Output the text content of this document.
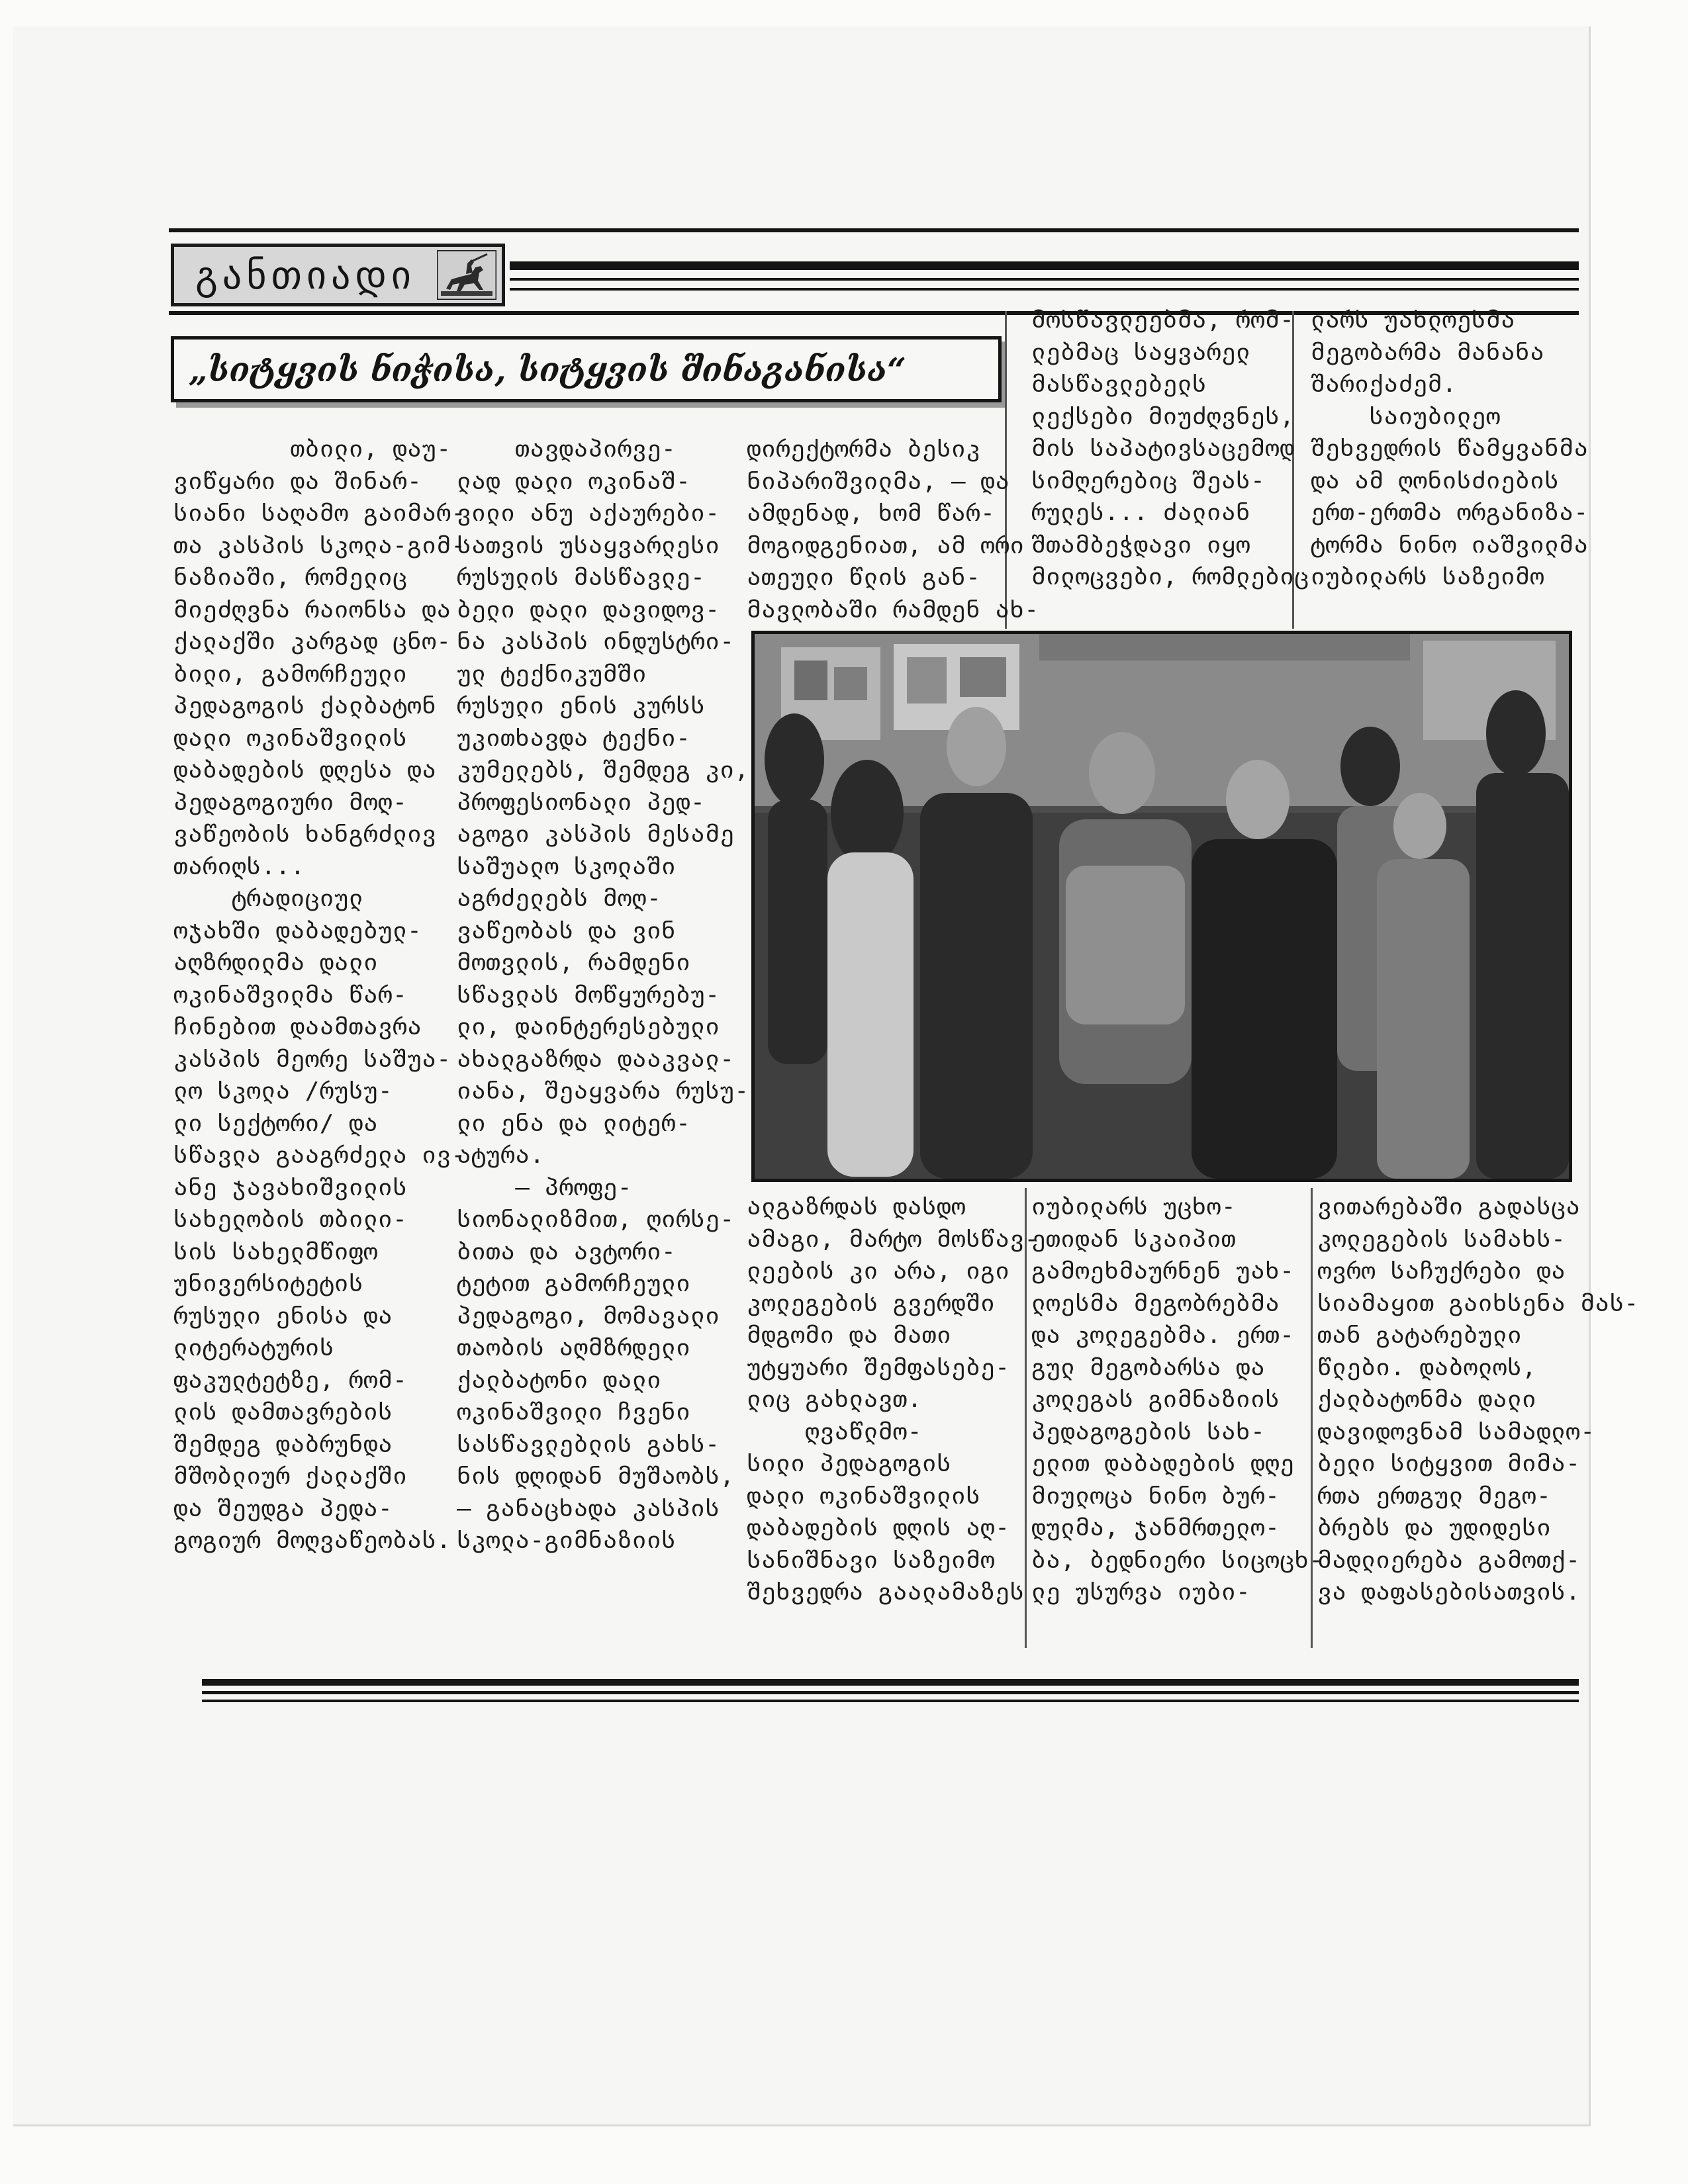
განთიადი
„სიტყვის ნიჭისა, სიტყვის შინაგანისა“
თბილი, დაუ-
ვიწყარი და შინარ-
სიანი საღამო გაიმარ-
თა კასპის სკოლა-გიმ-
ნაზიაში, რომელიც
მიეძღვნა რაიონსა და
ქალაქში კარგად ცნო-
ბილი, გამორჩეული
პედაგოგის ქალბატონ
დალი ოკინაშვილის
დაბადების დღესა და
პედაგოგიური მოღ-
ვაწეობის ხანგრძლივ
თარიღს...
ტრადიციულ
ოჯახში დაბადებულ-
აღზრდილმა დალი
ოკინაშვილმა წარ-
ჩინებით დაამთავრა
კასპის მეორე საშუა-
ლო სკოლა /რუსუ-
ლი სექტორი/ და
სწავლა გააგრძელა ივ-
ანე ჯავახიშვილის
სახელობის თბილი-
სის სახელმწიფო
უნივერსიტეტის
რუსული ენისა და
ლიტერატურის
ფაკულტეტზე, რომ-
ლის დამთავრების
შემდეგ დაბრუნდა
მშობლიურ ქალაქში
და შეუდგა პედა-
გოგიურ მოღვაწეობას.
თავდაპირვე-
ლად დალი ოკინაშ-
ვილი ანუ აქაურები-
სათვის უსაყვარლესი
რუსულის მასწავლე-
ბელი დალი დავიდოვ-
ნა კასპის ინდუსტრი-
ულ ტექნიკუმში
რუსული ენის კურსს
უკითხავდა ტექნი-
კუმელებს, შემდეგ კი,
პროფესიონალი პედ-
აგოგი კასპის მესამე
საშუალო სკოლაში
აგრძელებს მოღ-
ვაწეობას და ვინ
მოთვლის, რამდენი
სწავლას მოწყურებუ-
ლი, დაინტერესებული
ახალგაზრდა დააკვალ-
იანა, შეაყვარა რუსუ-
ლი ენა და ლიტერ-
ატურა.
— პროფე-
სიონალიზმით, ღირსე-
ბითა და ავტორი-
ტეტით გამორჩეული
პედაგოგი, მომავალი
თაობის აღმზრდელი
ქალბატონი დალი
ოკინაშვილი ჩვენი
სასწავლებლის გახს-
ნის დღიდან მუშაობს,
— განაცხადა კასპის
სკოლა-გიმნაზიის
დირექტორმა ბესიკ
ნიპარიშვილმა, — და
ამდენად, ხომ წარ-
მოგიდგენიათ, ამ ორი
ათეული წლის გან-
მავლობაში რამდენ ახ-
ალგაზრდას დასდო
ამაგი, მარტო მოსწავ-
ლეების კი არა, იგი
კოლეგების გვერდში
მდგომი და მათი
უტყუარი შემფასებე-
ლიც გახლავთ.
ღვაწლმო-
სილი პედაგოგის
დალი ოკინაშვილის
დაბადების დღის აღ-
სანიშნავი საზეიმო
შეხვედრა გაალამაზეს
მოსწავლეებმა, რომ-
ლებმაც საყვარელ
მასწავლებელს
ლექსები მიუძღვნეს,
მის საპატივსაცემოდ
სიმღერებიც შეას-
რულეს... ძალიან
შთამბეჭდავი იყო
მილოცვები, რომლებიც
იუბილარს უცხო-
ეთიდან სკაიპით
გამოეხმაურნენ უახ-
ლოესმა მეგობრებმა
და კოლეგებმა. ერთ-
გულ მეგობარსა და
კოლეგას გიმნაზიის
პედაგოგების სახ-
ელით დაბადების დღე
მიულოცა ნინო ბურ-
დულმა, ჯანმრთელო-
ბა, ბედნიერი სიცოცხ-
ლე უსურვა იუბი-
ლარს უახლოესმა
მეგობარმა მანანა
შარიქაძემ.
საიუბილეო
შეხვედრის წამყვანმა
და ამ ღონისძიების
ერთ-ერთმა ორგანიზა-
ტორმა ნინო იაშვილმა
იუბილარს საზეიმო
ვითარებაში გადასცა
კოლეგების სამახს-
ოვრო საჩუქრები და
სიამაყით გაიხსენა მას-
თან გატარებული
წლები. დაბოლოს,
ქალბატონმა დალი
დავიდოვნამ სამადლო-
ბელი სიტყვით მიმა-
რთა ერთგულ მეგო-
ბრებს და უდიდესი
მადლიერება გამოთქ-
ვა დაფასებისათვის.
